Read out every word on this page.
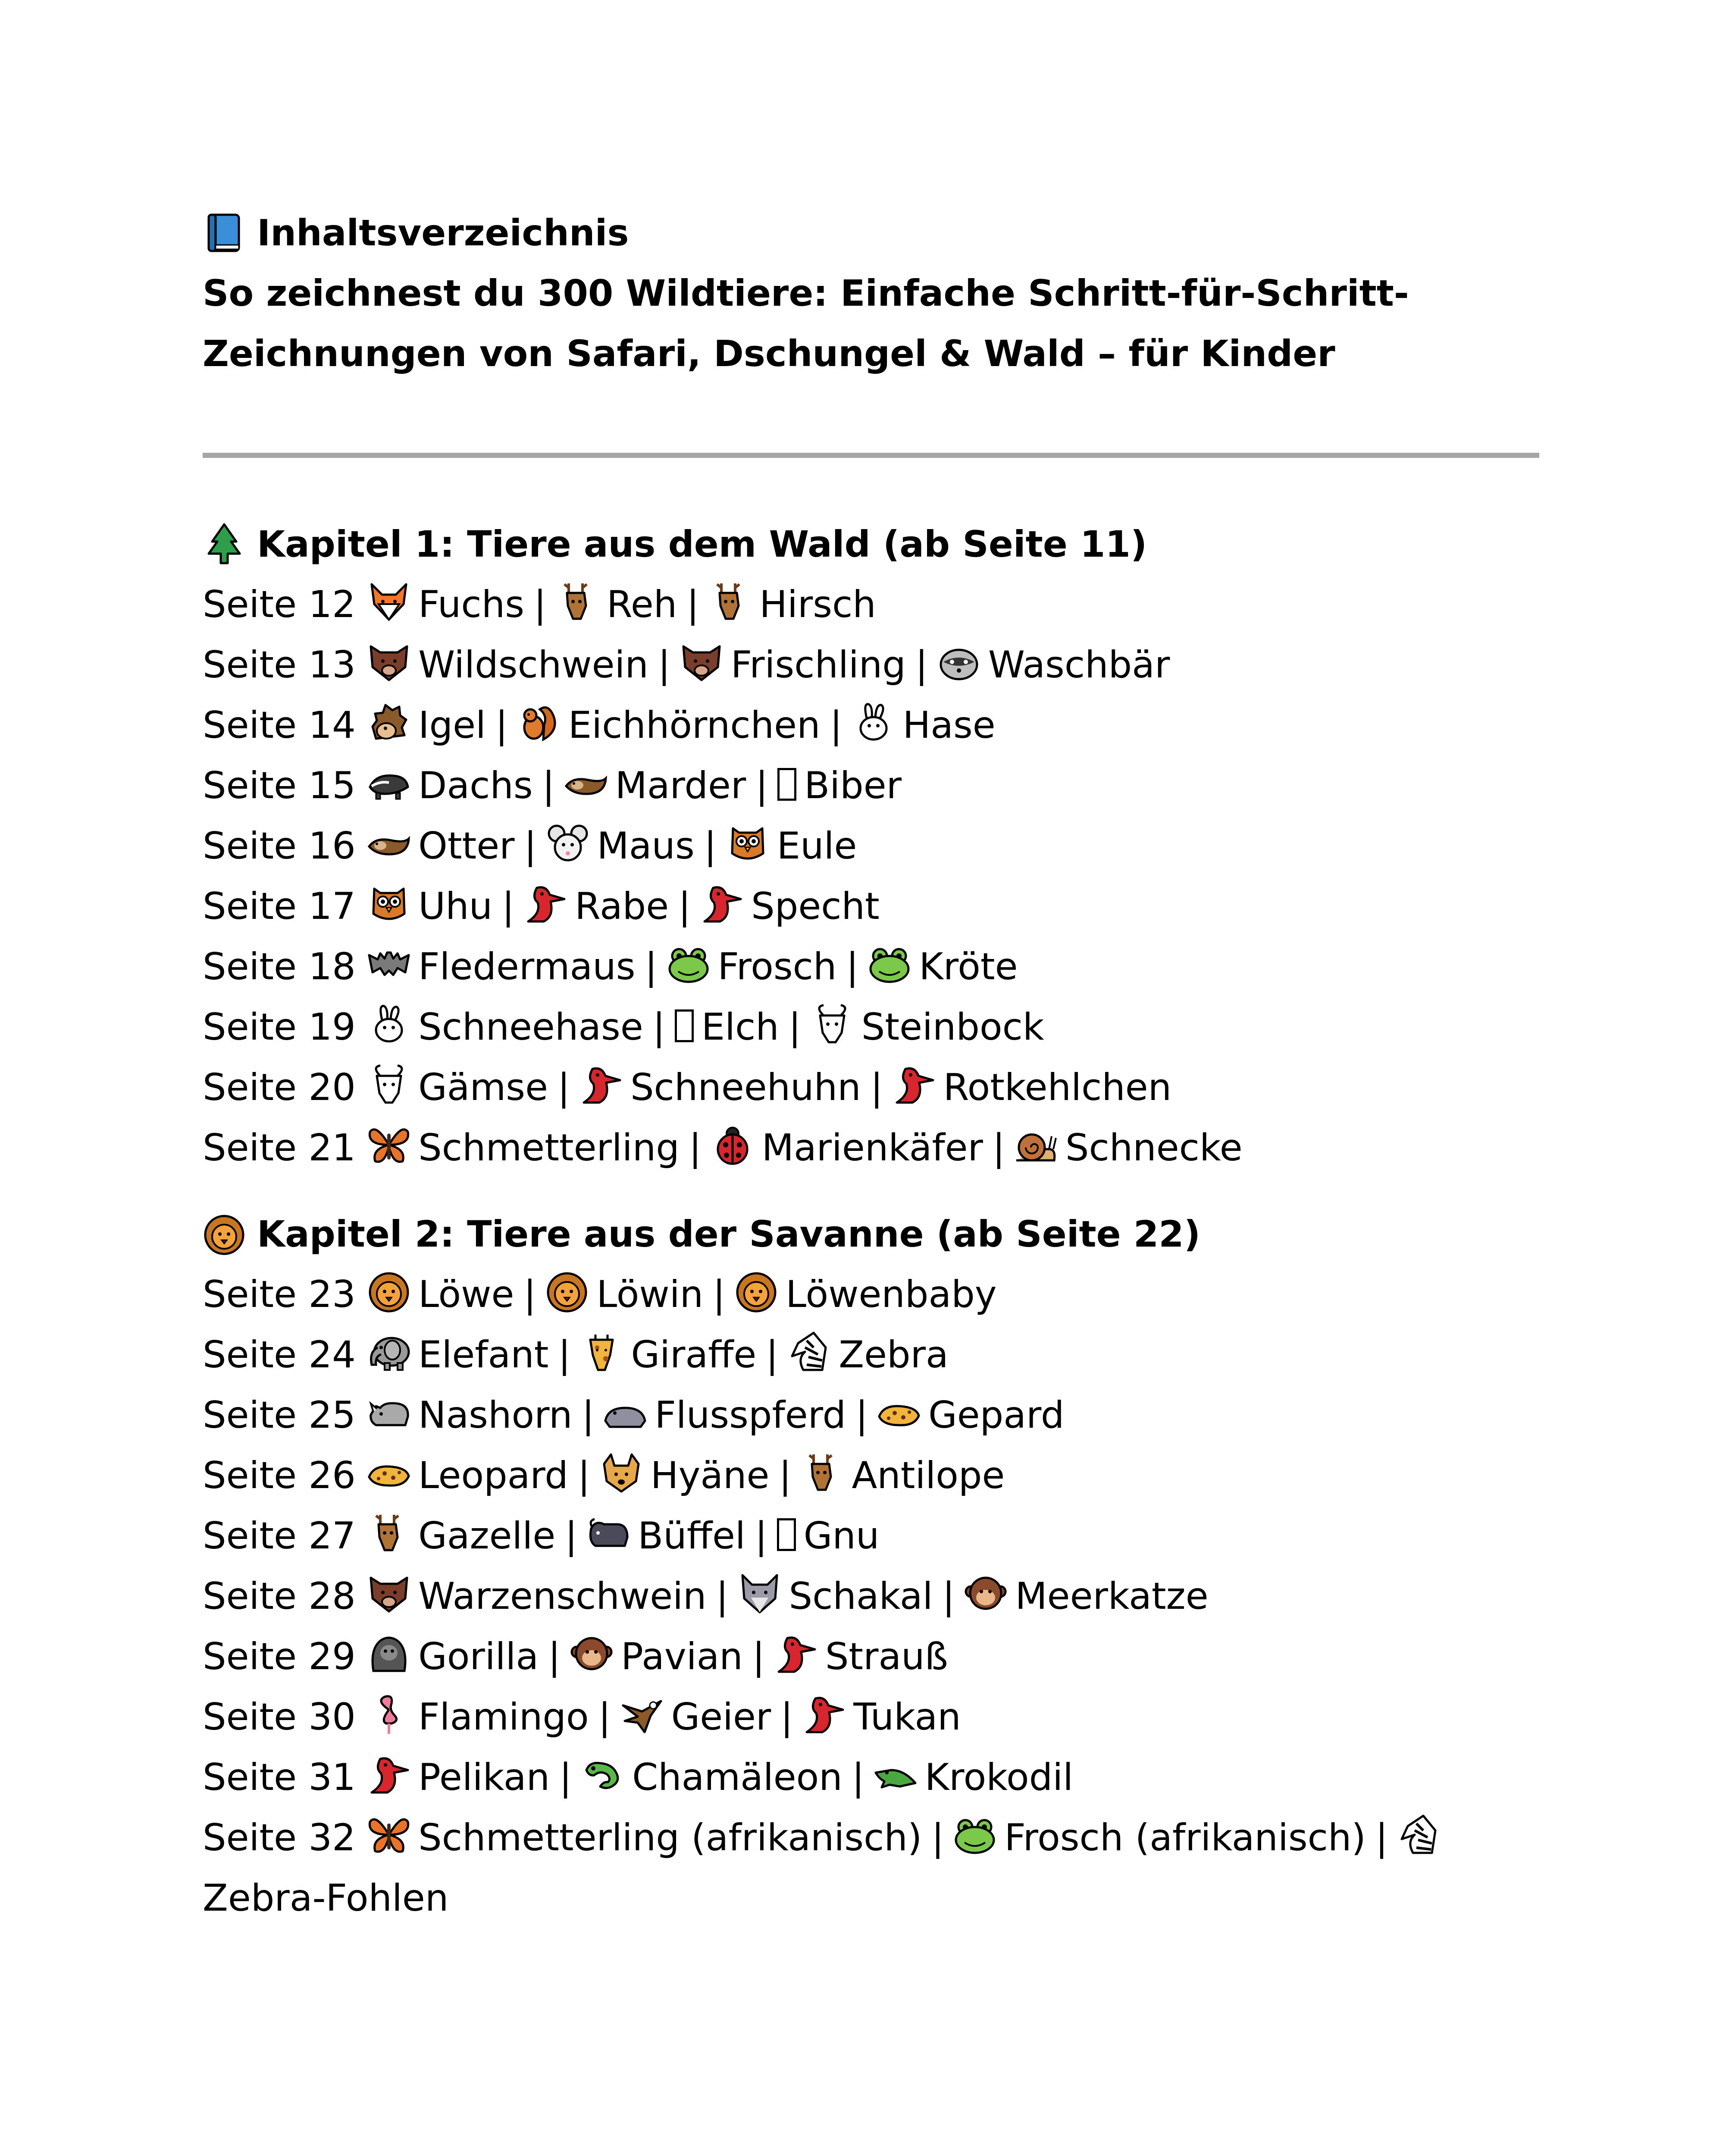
Inhaltsverzeichnis
So zeichnest du 300 Wildtiere: Einfache Schritt-für-Schritt-
Zeichnungen von Safari, Dschungel & Wald – für Kinder
Kapitel 1: Tiere aus dem Wald (ab Seite 11)
Seite 12 Fuchs | Reh | Hirsch
Seite 13 Wildschwein | Frischling | Waschbär
Seite 14 Igel | Eichhörnchen | Hase
Seite 15 Dachs | Marder | Biber
Seite 16 Otter | Maus | Eule
Seite 17 Uhu | Rabe | Specht
Seite 18 Fledermaus | Frosch | Kröte
Seite 19 Schneehase | Elch | Steinbock
Seite 20 Gämse | Schneehuhn | Rotkehlchen
Seite 21 Schmetterling | Marienkäfer | Schnecke
Kapitel 2: Tiere aus der Savanne (ab Seite 22)
Seite 23 Löwe | Löwin | Löwenbaby
Seite 24 Elefant | Giraffe | Zebra
Seite 25 Nashorn | Flusspferd | Gepard
Seite 26 Leopard | Hyäne | Antilope
Seite 27 Gazelle | Büffel | Gnu
Seite 28 Warzenschwein | Schakal | Meerkatze
Seite 29 Gorilla | Pavian | Strauß
Seite 30 Flamingo | Geier | Tukan
Seite 31 Pelikan | Chamäleon | Krokodil
Seite 32 Schmetterling (afrikanisch) | Frosch (afrikanisch) |
Zebra-Fohlen
